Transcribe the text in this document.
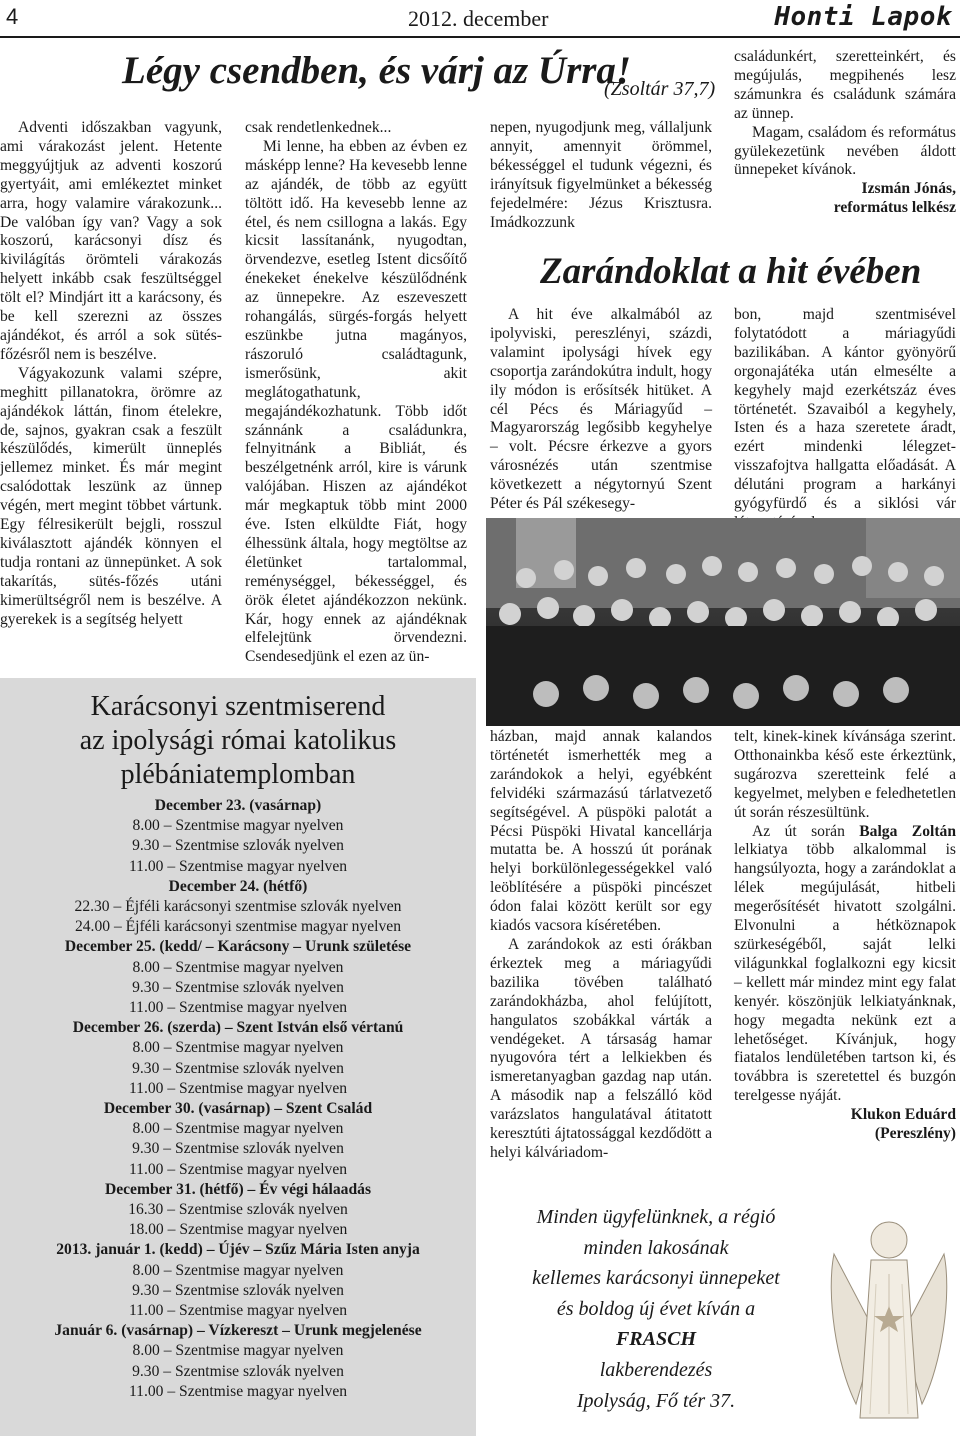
4	2012. december	Honti Lapok
Légy csendben, és várj az Úrra!
(Zsoltár 37,7)

Adventi időszakban vagyunk, ami várakozást jelent. Hetente meggyújtjuk az adventi koszorú gyertyáit, ami emlékeztet minket arra, hogy valamire várakozunk... De valóban így van? Vagy a sok koszorú, karácsonyi dísz és kivilágítás örömteli várakozás helyett inkább csak feszültséggel tölt el? Mindjárt itt a karácsony, és be kell szerezni az összes ajándékot, és arról a sok sütés-főzésről nem is beszélve.

Vágyakozunk valami szépre, meghitt pillanatokra, örömre az ajándékok láttán, finom ételekre, de, sajnos, gyakran csak a feszült készülődés, kimerült ünneplés jellemez minket. És már megint csalódottak leszünk az ünnep végén, mert megint többet vártunk. Egy félresikerült bejgli, rosszul kiválasztott ajándék könnyen el tudja rontani az ünnepünket. A sok takarítás, sütés-főzés utáni kimerültségről nem is beszélve. A gyerekek is a segítség helyett

csak rendetlenkednek...

Mi lenne, ha ebben az évben ez másképp lenne? Ha kevesebb lenne az ajándék, de több az együtt töltött idő. Ha kevesebb lenne az étel, és nem csillogna a lakás. Egy kicsit lassítanánk, nyugodtan, örvendezve, esetleg Istent dicsőítő énekeket énekelve készülődnénk az ünnepekre. Az eszeveszett rohangálás, sürgés-forgás helyett eszünkbe jutna magányos, rászoruló családtagunk, ismerősünk, akit meglátogathatunk, megajándékozhatunk. Több időt szánnánk a családunkra, felnyitnánk a Bibliát, és beszélgetnénk arról, kire is várunk valójában. Hiszen az ajándékot már megkaptuk több mint 2000 éve. Isten elküldte Fiát, hogy élhessünk általa, hogy megtöltse az életünket tartalommal, reménységgel, békességgel, és örök életet ajándékozzon nekünk. Kár, hogy ennek az ajándéknak elfelejtünk örvendezni. Csendesedjünk el ezen az ün-

nepen, nyugodjunk meg, vállaljunk annyit, amennyit örömmel, békességgel el tudunk végezni, és irányítsuk figyelmünket a békesség fejedelmére: Jézus Krisztusra. Imádkozzunk

családunkért, szeretteinkért, és megújulás, megpihenés lesz számunkra és családunk számára az ünnep.

Magam, családom és református gyülekezetünk nevében áldott ünnepeket kívánok.

Izsmán Jónás,

református lelkész

Zarándoklat a hit évében

A hit éve alkalmából az ipolyviski, pereszlényi, százdi, valamint ipolysági hívek egy csoportja zarándokútra indult, hogy ily módon is erősítsék hitüket. A cél Pécs és Máriagyűd – Magyarország legősibb kegyhelye – volt. Pécsre érkezve a gyors városnézés után szentmise következett a négytornyú Szent Péter és Pál székesegy-

bon, majd szentmisével folytatódott a máriagyűdi bazilikában. A kántor gyönyörű orgonajátéka után elmesélte a kegyhely majd ezerkétszáz éves történetét. Szavaiból a kegyhely, Isten és a haza szeretete áradt, ezért mindenki lélegzet-visszafojtva hallgatta előadását. A délutáni program a harkányi gyógyfürdő és a siklósi vár

házban, majd annak kalandos történetét ismerhették meg a zarándokok a helyi, egyébként felvidéki származású tárlatvezető segítségével. A püspöki palotát a Pécsi Püspöki Hivatal kancellárja mutatta be. A hosszú út porának helyi borkülönlegességekkel való leöblítésére a püspöki pincészet ódon falai között került sor egy kiadós vacsora kíséretében.

A zarándokok az esti órákban érkeztek meg a máriagyűdi bazilika tövében található zarándokházba, ahol felújított, hangulatos szobákkal várták a vendégeket. A társaság hamar nyugovóra tért a lelkiekben és ismeretanyagban gazdag nap után. A második nap a felszálló köd varázslatos hangulatával átitatott keresztúti ájtatossággal kezdődött a helyi kálváriadom-

telt, kinek-kinek kívánsága szerint. Otthonainkba késő este érkeztünk, sugározva szeretteink felé a kegyelmet, melyben e feledhetetlen út során részesültünk.

Az út során Balga Zoltán lelkiatya több alkalommal is hangsúlyozta, hogy a zarándoklat a lélek megújulását, hitbeli megerősítését hivatott szolgálni. Elvonulni a hétköznapok szürkeségéből, saját lelki világunkkal foglalkozni egy kicsit – kellett már mindez mint egy falat kenyér. köszönjük lelkiatyánknak, hogy megadta nekünk ezt a lehetőséget. Kívánjuk, hogy fiatalos lendületében tartson ki, és továbbra is szeretettel és buzgón terelgesse nyáját.

Klukon Eduárd

(Pereszlény)

Karácsonyi szentmiserend
az ipolysági római katolikus
plébániatemplomban
December 23. (vasárnap)
8.00 – Szentmise magyar nyelven
9.30 – Szentmise szlovák nyelven
11.00 – Szentmise magyar nyelven
December 24. (hétfő)
22.30 – Éjféli karácsonyi szentmise szlovák nyelven
24.00 – Éjféli karácsonyi szentmise magyar nyelven
December 25. (kedd/ – Karácsony – Urunk születése
8.00 – Szentmise magyar nyelven
9.30 – Szentmise szlovák nyelven
11.00 – Szentmise magyar nyelven
December 26. (szerda) – Szent István első vértanú
8.00 – Szentmise magyar nyelven
9.30 – Szentmise szlovák nyelven
11.00 – Szentmise magyar nyelven
December 30. (vasárnap) – Szent Család
8.00 – Szentmise magyar nyelven
9.30 – Szentmise szlovák nyelven
11.00 – Szentmise magyar nyelven
December 31. (hétfő) – Év végi hálaadás
16.30 – Szentmise szlovák nyelven
18.00 – Szentmise magyar nyelven
2013. január 1. (kedd) – Újév – Szűz Mária Isten anyja
8.00 – Szentmise magyar nyelven
9.30 – Szentmise szlovák nyelven
11.00 – Szentmise magyar nyelven
Január 6. (vasárnap) – Vízkereszt – Urunk megjelenése
8.00 – Szentmise magyar nyelven
9.30 – Szentmise szlovák nyelven
11.00 – Szentmise magyar nyelven
Minden ügyfelünknek, a régió
minden lakosának
kellemes karácsonyi ünnepeket
és boldog új évet kíván a
FRASCH
lakberendezés
Ipolyság, Fő tér 37.
